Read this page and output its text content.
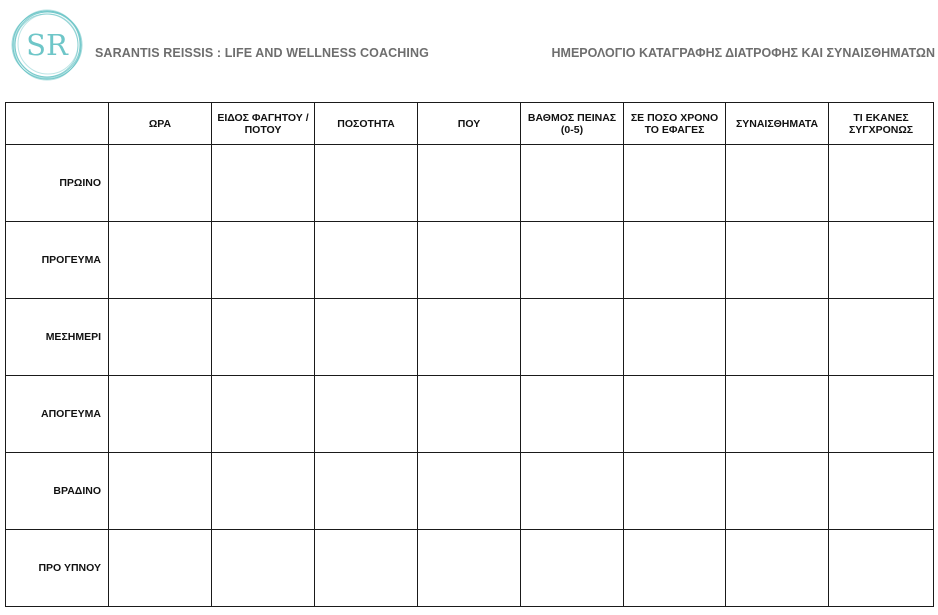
SR SARANTIS REISSIS : LIFE AND WELLNESS COACHING	ΗΜΕΡΟΛΟΓΙΟ ΚΑΤΑΓΡΑΦΗΣ ΔΙΑΤΡΟΦΗΣ ΚΑΙ ΣΥΝΑΙΣΘΗΜΑΤΩΝ
	ΩΡΑ	ΕΙΔΟΣ ΦΑΓΗΤΟΥ / ΠΟΤΟΥ	ΠΟΣΟΤΗΤΑ	ΠΟΥ	ΒΑΘΜΟΣ ΠΕΙΝΑΣ (0-5)	ΣΕ ΠΟΣΟ ΧΡΟΝΟ ΤΟ ΕΦΑΓΕΣ	ΣΥΝΑΙΣΘΗΜΑΤΑ	ΤΙ ΕΚΑΝΕΣ ΣΥΓΧΡΟΝΩΣ
ΠΡΩΙΝΟ								
ΠΡΟΓΕΥΜΑ								
ΜΕΣΗΜΕΡΙ								
ΑΠΟΓΕΥΜΑ								
ΒΡΑΔΙΝΟ								
ΠΡΟ ΥΠΝΟΥ								
